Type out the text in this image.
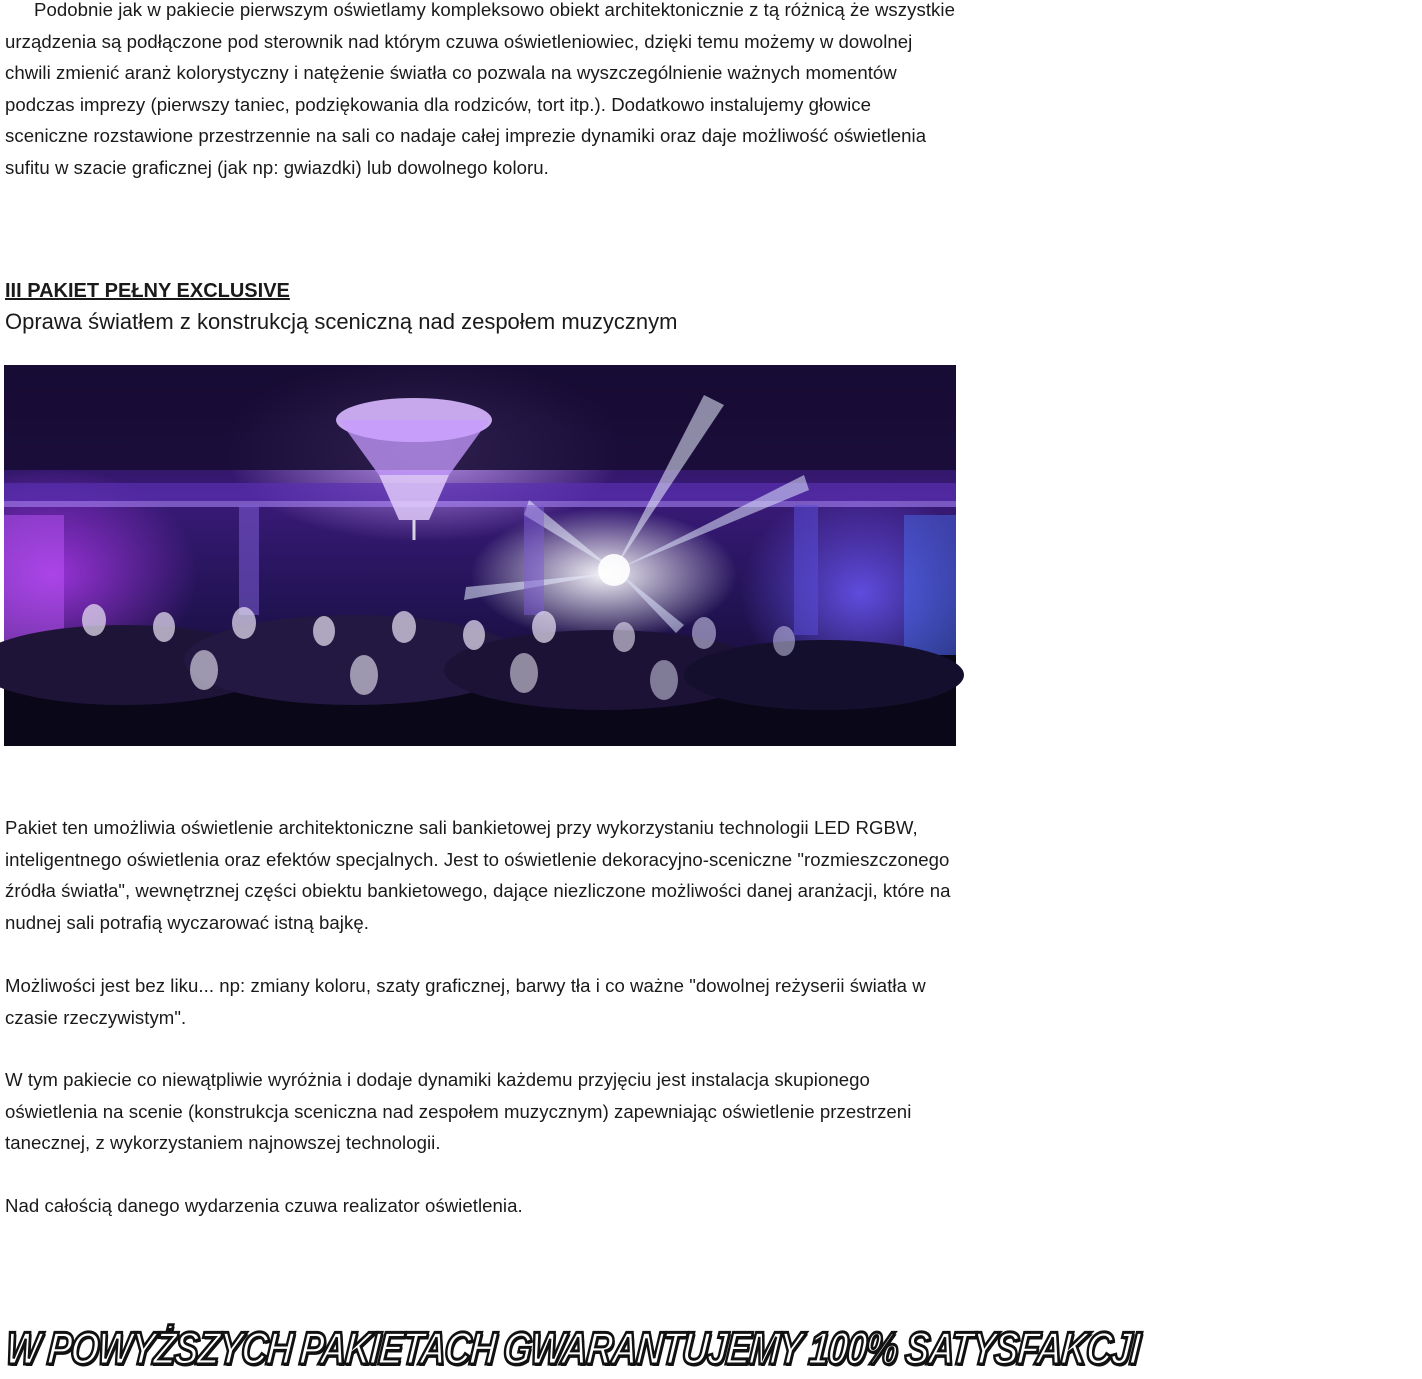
Podobnie jak w pakiecie pierwszym oświetlamy kompleksowo obiekt architektonicznie z tą różnicą że wszystkie urządzenia są podłączone pod sterownik nad którym czuwa oświetleniowiec, dzięki temu możemy w dowolnej chwili zmienić aranż kolorystyczny i natężenie światła co pozwala na wyszczególnienie ważnych momentów podczas imprezy (pierwszy taniec, podziękowania dla rodziców, tort itp.). Dodatkowo instalujemy głowice sceniczne rozstawione przestrzennie na sali co nadaje całej imprezie dynamiki oraz daje możliwość oświetlenia sufitu w szacie graficznej (jak np: gwiazdki) lub dowolnego koloru.

III PAKIET PEŁNY EXCLUSIVE
Oprawa światłem z konstrukcją sceniczną nad zespołem muzycznym

Pakiet ten umożliwia oświetlenie architektoniczne sali bankietowej przy wykorzystaniu technologii LED RGBW, inteligentnego oświetlenia oraz efektów specjalnych. Jest to oświetlenie dekoracyjno-sceniczne "rozmieszczonego źródła światła", wewnętrznej części obiektu bankietowego, dające niezliczone możliwości danej aranżacji, które na nudnej sali potrafią wyczarować istną bajkę.

Możliwości jest bez liku... np: zmiany koloru, szaty graficznej, barwy tła i co ważne "dowolnej reżyserii światła w czasie rzeczywistym".

W tym pakiecie co niewątpliwie wyróżnia i dodaje dynamiki każdemu przyjęciu jest instalacja skupionego oświetlenia na scenie (konstrukcja sceniczna nad zespołem muzycznym) zapewniając oświetlenie przestrzeni tanecznej, z wykorzystaniem najnowszej technologii.

Nad całością danego wydarzenia czuwa realizator oświetlenia.

W POWYŻSZYCH PAKIETACH GWARANTUJEMY 100% SATYSFAKCJI
